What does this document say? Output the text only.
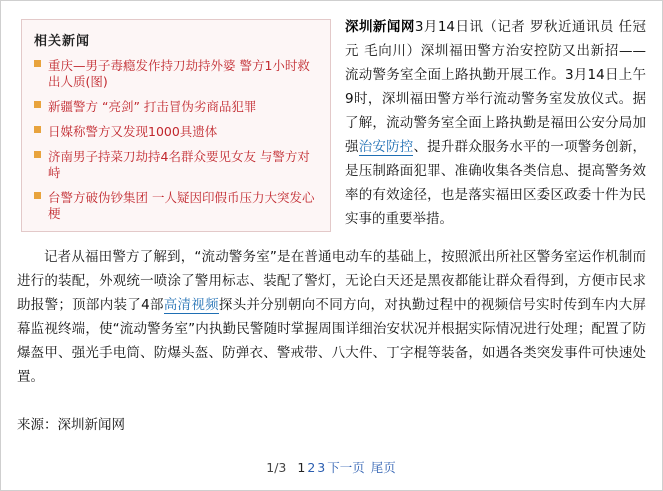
相关新闻
重庆—男子毒瘾发作持刀劫持外婆 警方1小时救出人质(图)
新疆警方 “亮剑” 打击冒伪劣商品犯罪
日媒称警方又发现1000具遗体
济南男子持菜刀劫持4名群众要见女友 与警方对峙
台警方破伪钞集团 一人疑因印假币压力大突发心梗

深圳新闻网3月14日讯（记者 罗秋近通讯员 任冠元 毛向川）深圳福田警方治安控防又出新招——流动警务室全面上路执勤开展工作。3月14日上午9时，深圳福田警方举行流动警务室发放仪式。据了解，流动警务室全面上路执勤是福田公安分局加强治安防控、提升群众服务水平的一项警务创新，是压制路面犯罪、准确收集各类信息、提高警务效率的有效途径，也是落实福田区委区政委十件为民实事的重要举措。

记者从福田警方了解到，“流动警务室”是在普通电动车的基础上，按照派出所社区警务室运作机制而进行的装配，外观统一喷涂了警用标志、装配了警灯，无论白天还是黑夜都能让群众看得到，方便市民求助报警；顶部内装了4部高清视频探头并分别朝向不同方向，对执勤过程中的视频信号实时传到车内大屏幕监视终端，使“流动警务室”内执勤民警随时掌握周围详细治安状况并根据实际情况进行处理；配置了防爆盔甲、强光手电筒、防爆头盔、防弹衣、警戒带、八大件、丁字棍等装备，如遇各类突发事件可快速处置。

来源：深圳新闻网
1/3 1 2 3 下一页 尾页
